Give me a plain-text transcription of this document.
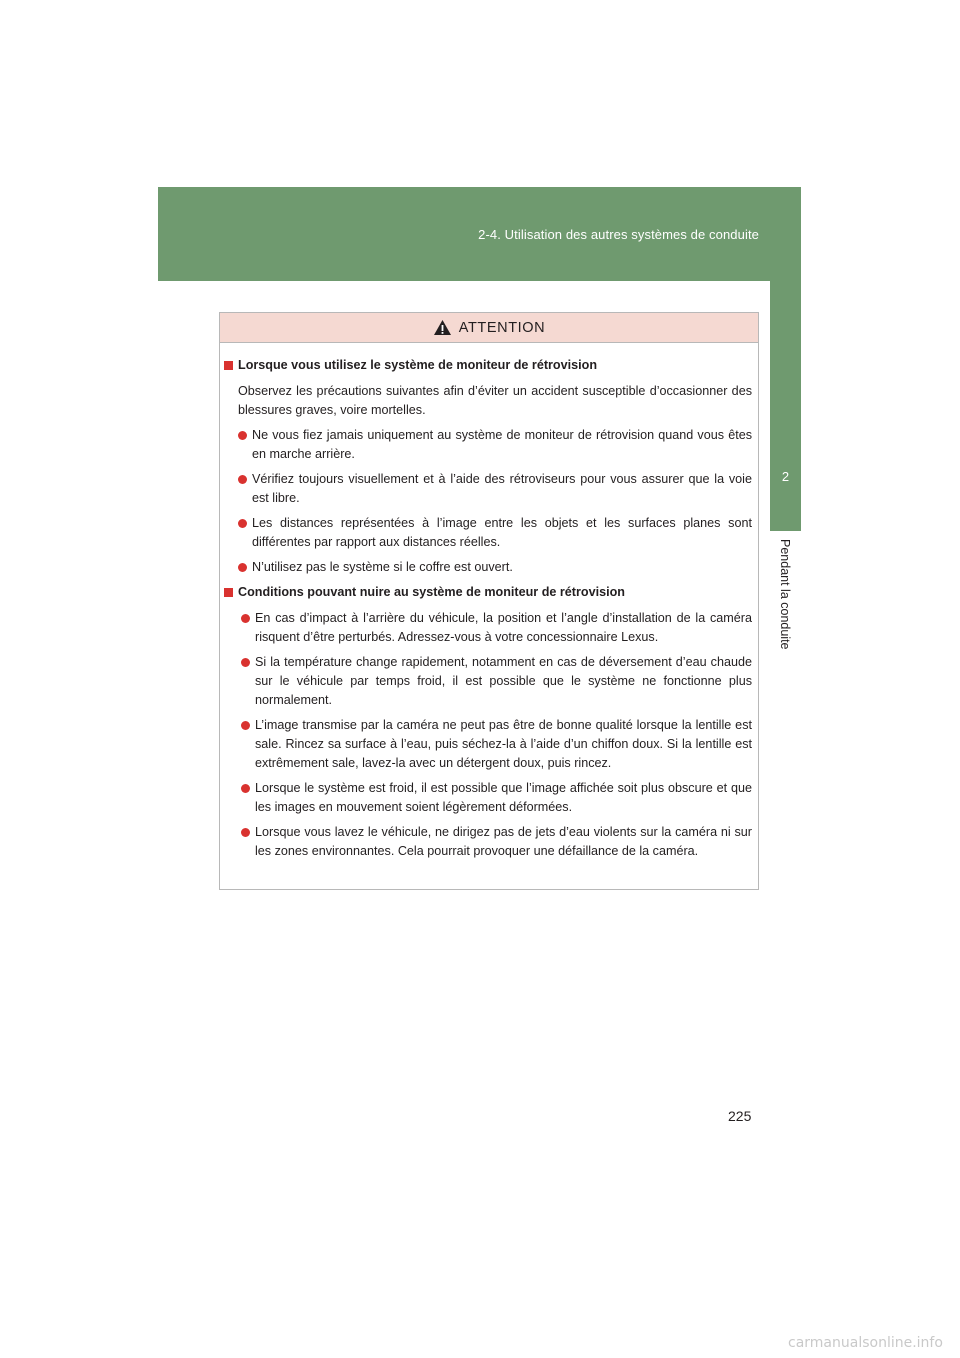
2-4. Utilisation des autres systèmes de conduite
2
Pendant la conduite
ATTENTION
Lorsque vous utilisez le système de moniteur de rétrovision
Observez les précautions suivantes afin d’éviter un accident susceptible d’occasionner des blessures graves, voire mortelles.
Ne vous fiez jamais uniquement au système de moniteur de rétrovision quand vous êtes en marche arrière.
Vérifiez toujours visuellement et à l’aide des rétroviseurs pour vous assurer que la voie est libre.
Les distances représentées à l’image entre les objets et les surfaces planes sont différentes par rapport aux distances réelles.
N’utilisez pas le système si le coffre est ouvert.
Conditions pouvant nuire au système de moniteur de rétrovision
En cas d’impact à l’arrière du véhicule, la position et l’angle d’installation de la caméra risquent d’être perturbés. Adressez-vous à votre concessionnaire Lexus.
Si la température change rapidement, notamment en cas de déversement d’eau chaude sur le véhicule par temps froid, il est possible que le système ne fonctionne plus normalement.
L’image transmise par la caméra ne peut pas être de bonne qualité lorsque la lentille est sale. Rincez sa surface à l’eau, puis séchez-la à l’aide d’un chiffon doux. Si la lentille est extrêmement sale, lavez-la avec un détergent doux, puis rincez.
Lorsque le système est froid, il est possible que l’image affichée soit plus obscure et que les images en mouvement soient légèrement déformées.
Lorsque vous lavez le véhicule, ne dirigez pas de jets d’eau violents sur la caméra ni sur les zones environnantes. Cela pourrait provoquer une défaillance de la caméra.
225
carmanualsonline.info
